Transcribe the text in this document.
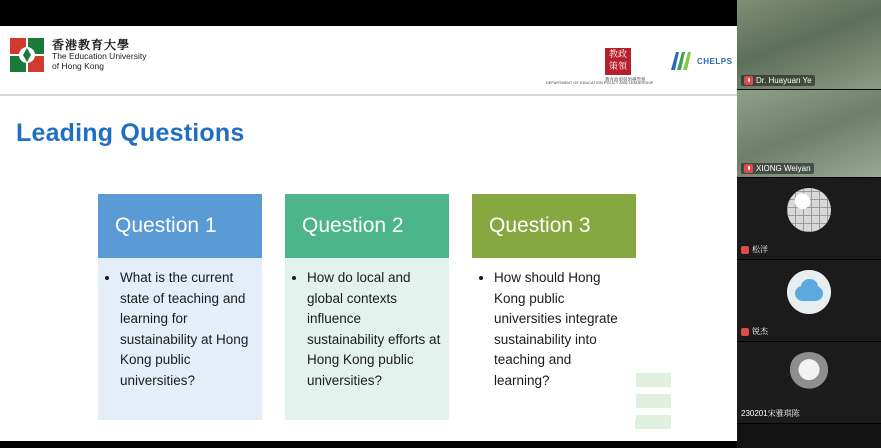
香港教育大學
The Education University
of Hong Kong
DEPARTMENT OF EDUCATION POLICY AND LEADERSHIP
教政策領
教育政策與領導學系
CHELPS
Leading Questions
Question 1
• What is the current state of teaching and learning for sustainability at Hong Kong public universities?
Question 2
• How do local and global contexts influence sustainability efforts at Hong Kong public universities?
Question 3
• How should Hong Kong public universities integrate sustainability into teaching and learning?
Dr. Huayuan Ye
XIONG Weiyan
松洋
锐杰
230201宋雅琪陈
